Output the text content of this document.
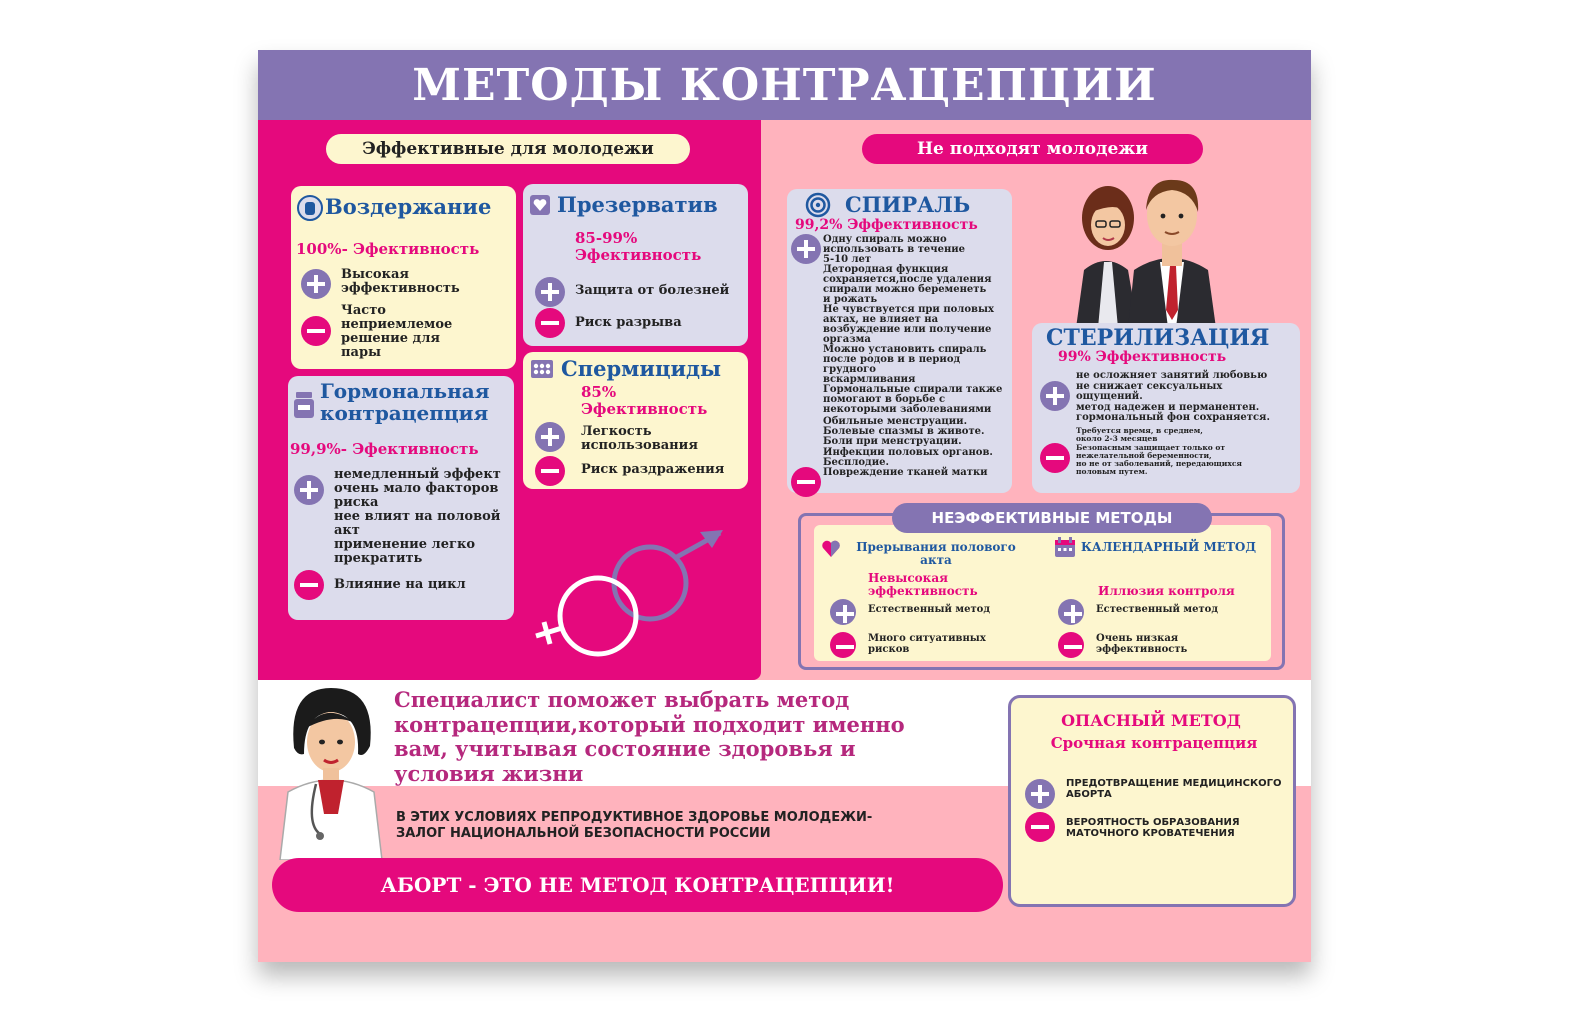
МЕТОДЫ КОНТРАЦЕПЦИИ
Эффективные для молодежи
Воздержание
100%- Эфективность
Высокая эффективность
Часто неприемлемое решение для пары
Презерватив
85-99% Эфективность
Защита от болезней
Риск разрыва
Спермициды
85% Эфективность
Легкость использования
Риск раздражения
Гормональная
контрацепция
99,9%- Эфективность
немедленный эффект
очень мало факторов риска
нее влият на половой акт
применение легко прекратить
Влияние на цикл
Не подходят молодежи
СПИРАЛЬ
99,2% Эффективность
Одну спираль можно
использовать в течение
5-10 лет
Детородная функция
сохраняется,после удаления
спирали можно беременеть
и рожать
Не чувствуется при половых
актах, не влияет на
возбуждение или получение
оргазма
Можно установить спираль
после родов и в период грудного
вскармливания
Гормональные спирали также
помогают в борьбе с
некоторыми заболеваниями
Обильные менструации.
Болевые спазмы в животе.
Боли при менструации.
Инфекции половых органов.
Бесплодие.
Повреждение тканей матки
СТЕРИЛИЗАЦИЯ
99% Эффективность
не осложняет занятий любовью
не снижает сексуальных
ощущений.
метод надежен и перманентен.
гормональный фон сохраняется.
Требуется время, в среднем,
около 2-3 месяцев
Безопасным защищает только от
нежелательной беременности,
но не от заболеваний, передающихся
половым путем.
НЕЭФФЕКТИВНЫЕ МЕТОДЫ
Прерывания полового
акта
Невысокая
эффективность
Естественный метод
Много ситуативных
рисков
КАЛЕНДАРНЫЙ МЕТОД
Иллюзия контроля
Естественный метод
Очень низкая
эффективность
Специалист поможет выбрать метод
контрацепции,который подходит именно
вам, учитывая состояние здоровья и
условия жизни
В ЭТИХ УСЛОВИЯХ РЕПРОДУКТИВНОЕ ЗДОРОВЬЕ МОЛОДЕЖИ-
ЗАЛОГ НАЦИОНАЛЬНОЙ БЕЗОПАСНОСТИ РОССИИ
АБОРТ - ЭТО НЕ МЕТОД КОНТРАЦЕПЦИИ!
ОПАСНЫЙ МЕТОД
Срочная контрацепция
ПРЕДОТВРАЩЕНИЕ МЕДИЦИНСКОГО
АБОРТА
ВЕРОЯТНОСТЬ ОБРАЗОВАНИЯ
МАТОЧНОГО КРОВАТЕЧЕНИЯ
